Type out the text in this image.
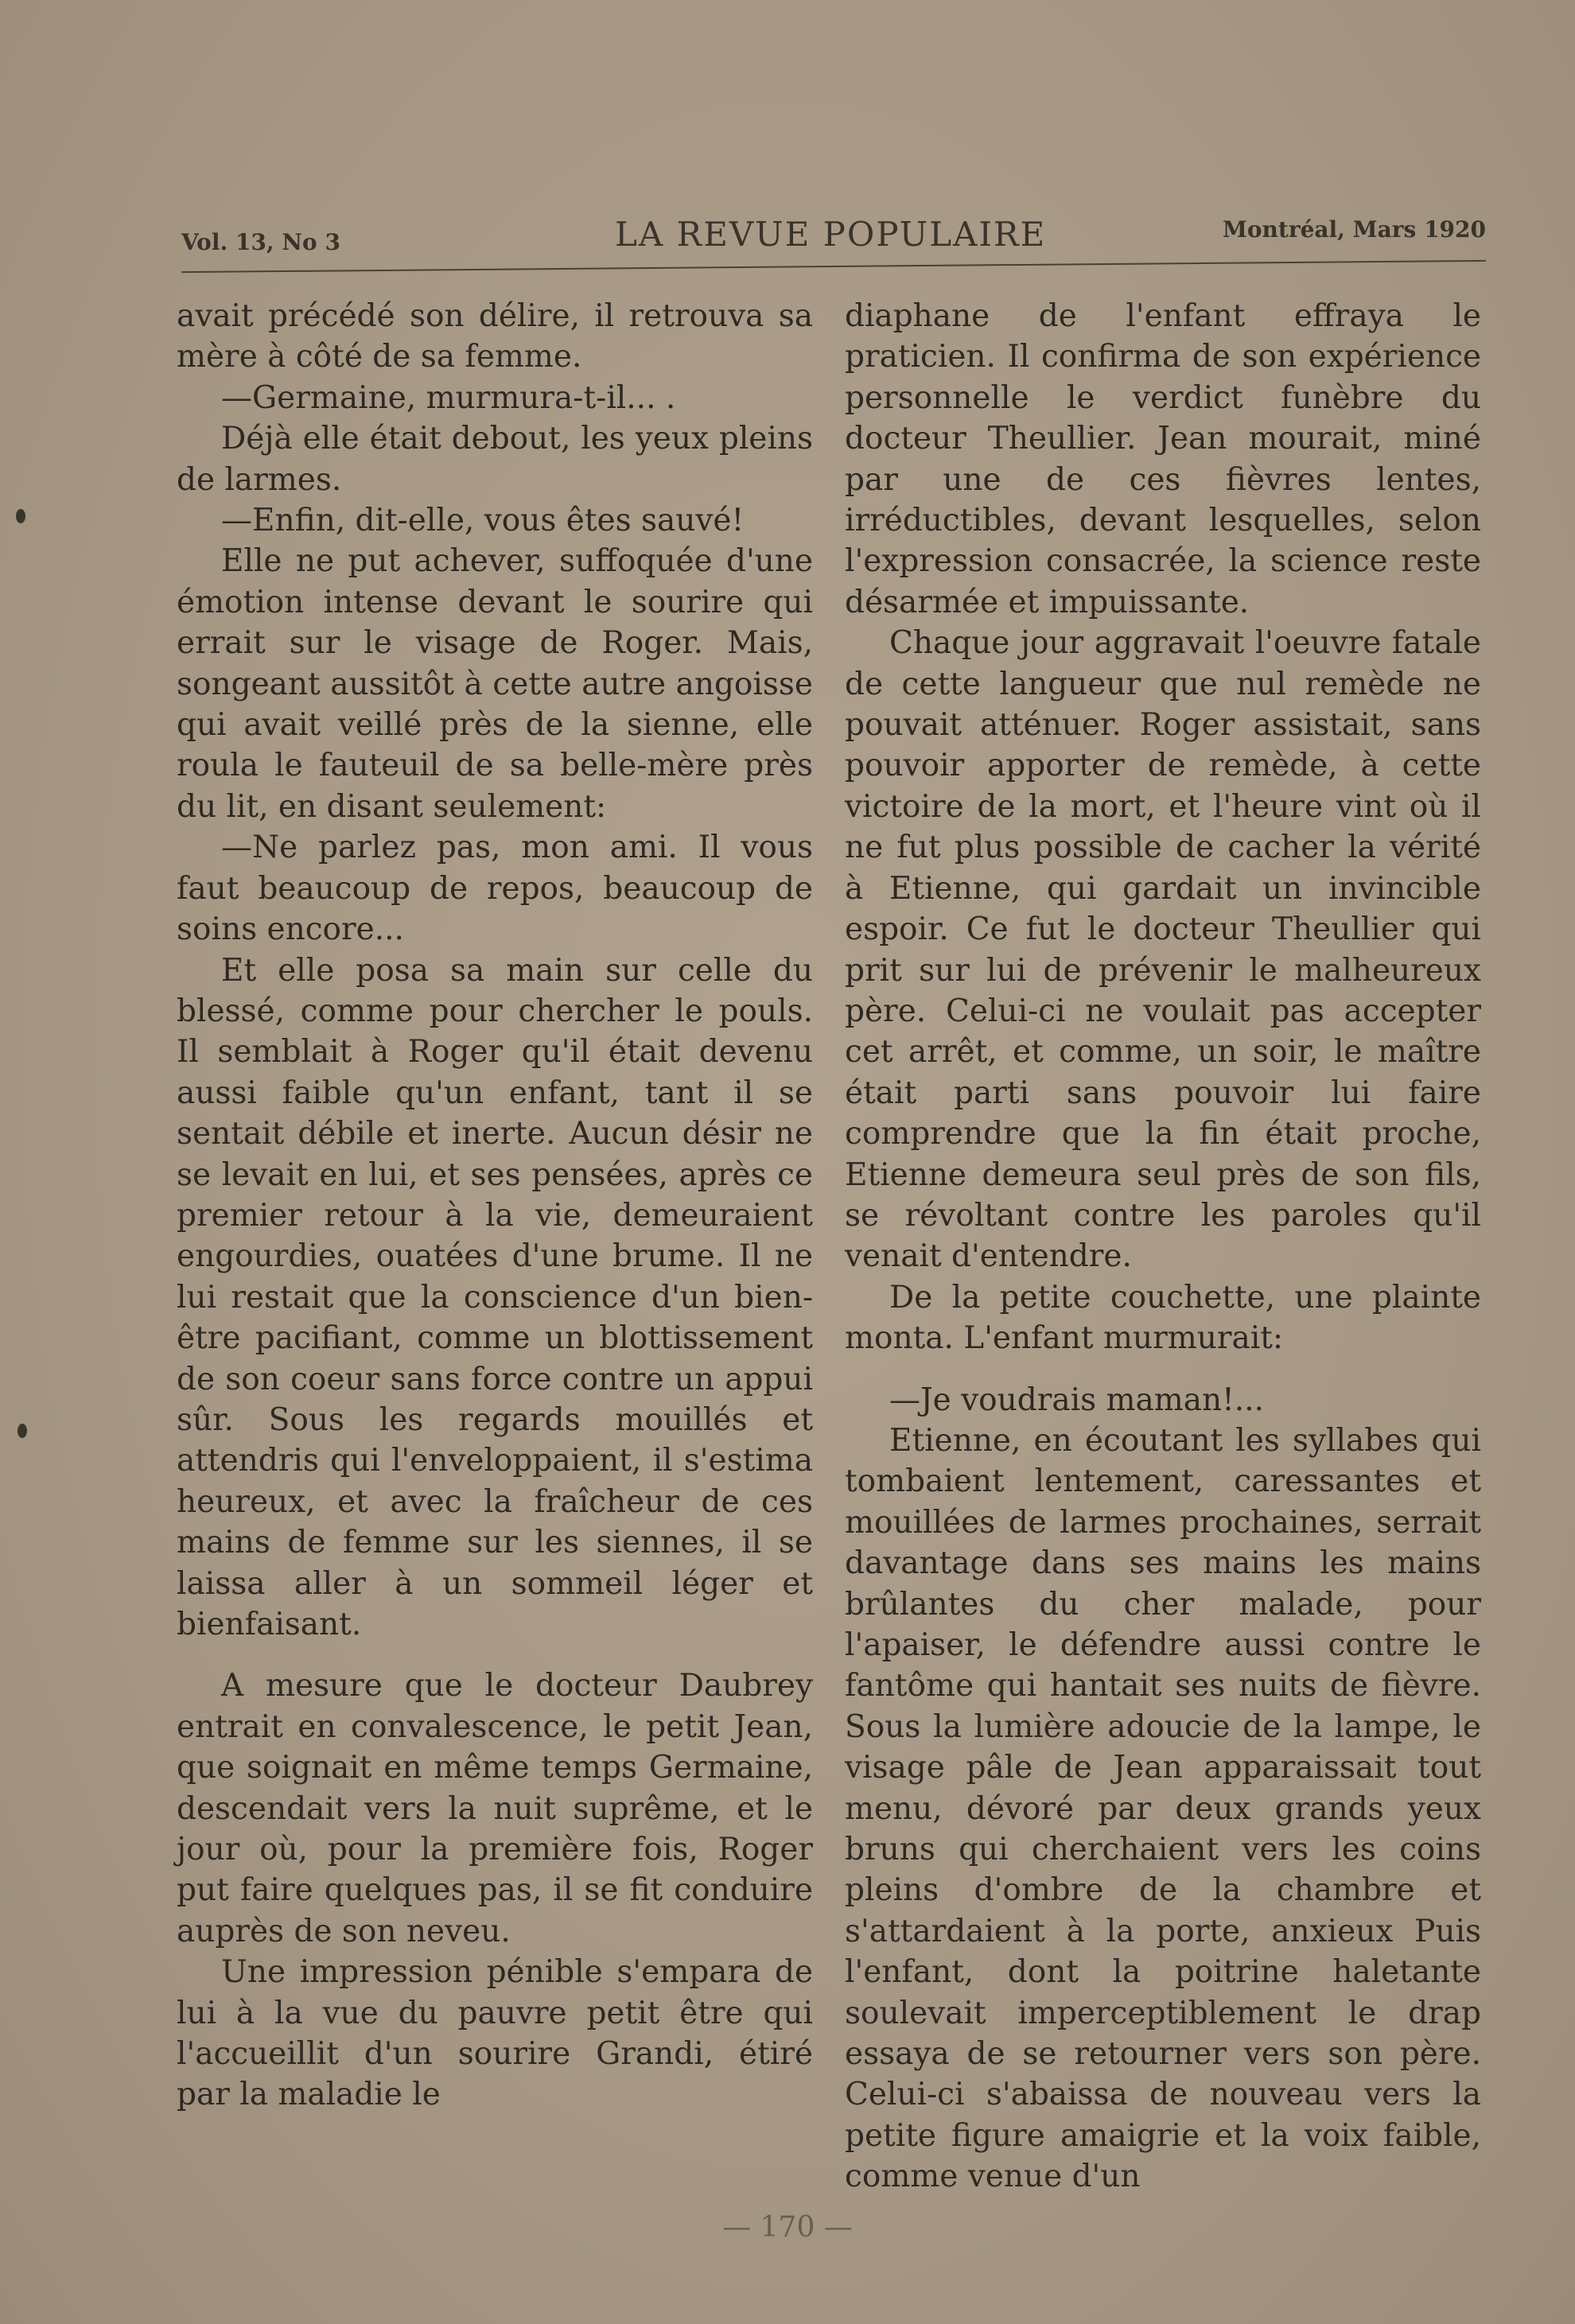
Vol. 13, No 3	LA REVUE POPULAIRE	Montréal, Mars 1920

avait précédé son délire, il retrouva sa mère à côté de sa femme.

—Germaine, murmura-t-il... .

Déjà elle était debout, les yeux pleins de larmes.

—Enfin, dit-elle, vous êtes sauvé!

Elle ne put achever, suffoquée d'une émotion intense devant le sourire qui errait sur le visage de Roger. Mais, songeant aussitôt à cette autre angoisse qui avait veillé près de la sienne, elle roula le fauteuil de sa belle-mère près du lit, en disant seulement:

—Ne parlez pas, mon ami. Il vous faut beaucoup de repos, beaucoup de soins encore...

Et elle posa sa main sur celle du blessé, comme pour chercher le pouls. Il semblait à Roger qu'il était devenu aussi faible qu'un enfant, tant il se sentait débile et inerte. Aucun désir ne se levait en lui, et ses pensées, après ce premier retour à la vie, demeuraient engourdies, ouatées d'une brume. Il ne lui restait que la conscience d'un bien-être pacifiant, comme un blottissement de son coeur sans force contre un appui sûr. Sous les regards mouillés et attendris qui l'enveloppaient, il s'estima heureux, et avec la fraîcheur de ces mains de femme sur les siennes, il se laissa aller à un sommeil léger et bienfaisant.

A mesure que le docteur Daubrey entrait en convalescence, le petit Jean, que soignait en même temps Germaine, descendait vers la nuit suprême, et le jour où, pour la première fois, Roger put faire quelques pas, il se fit conduire auprès de son neveu.

Une impression pénible s'empara de lui à la vue du pauvre petit être qui l'accueillit d'un sourire Grandi, étiré par la maladie le

diaphane de l'enfant effraya le praticien. Il confirma de son expérience personnelle le verdict funèbre du docteur Theullier. Jean mourait, miné par une de ces fièvres lentes, irréductibles, devant lesquelles, selon l'expression consacrée, la science reste désarmée et impuissante.

Chaque jour aggravait l'oeuvre fatale de cette langueur que nul remède ne pouvait atténuer. Roger assistait, sans pouvoir apporter de remède, à cette victoire de la mort, et l'heure vint où il ne fut plus possible de cacher la vérité à Etienne, qui gardait un invincible espoir. Ce fut le docteur Theullier qui prit sur lui de prévenir le malheureux père. Celui-ci ne voulait pas accepter cet arrêt, et comme, un soir, le maître était parti sans pouvoir lui faire comprendre que la fin était proche, Etienne demeura seul près de son fils, se révoltant contre les paroles qu'il venait d'entendre.

De la petite couchette, une plainte monta. L'enfant murmurait:

—Je voudrais maman!...

Etienne, en écoutant les syllabes qui tombaient lentement, caressantes et mouillées de larmes prochaines, serrait davantage dans ses mains les mains brûlantes du cher malade, pour l'apaiser, le défendre aussi contre le fantôme qui hantait ses nuits de fièvre. Sous la lumière adoucie de la lampe, le visage pâle de Jean apparaissait tout menu, dévoré par deux grands yeux bruns qui cherchaient vers les coins pleins d'ombre de la chambre et s'attardaient à la porte, anxieux Puis l'enfant, dont la poitrine haletante soulevait imperceptiblement le drap essaya de se retourner vers son père. Celui-ci s'abaissa de nouveau vers la petite figure amaigrie et la voix faible, comme venue d'un

— 170 —
